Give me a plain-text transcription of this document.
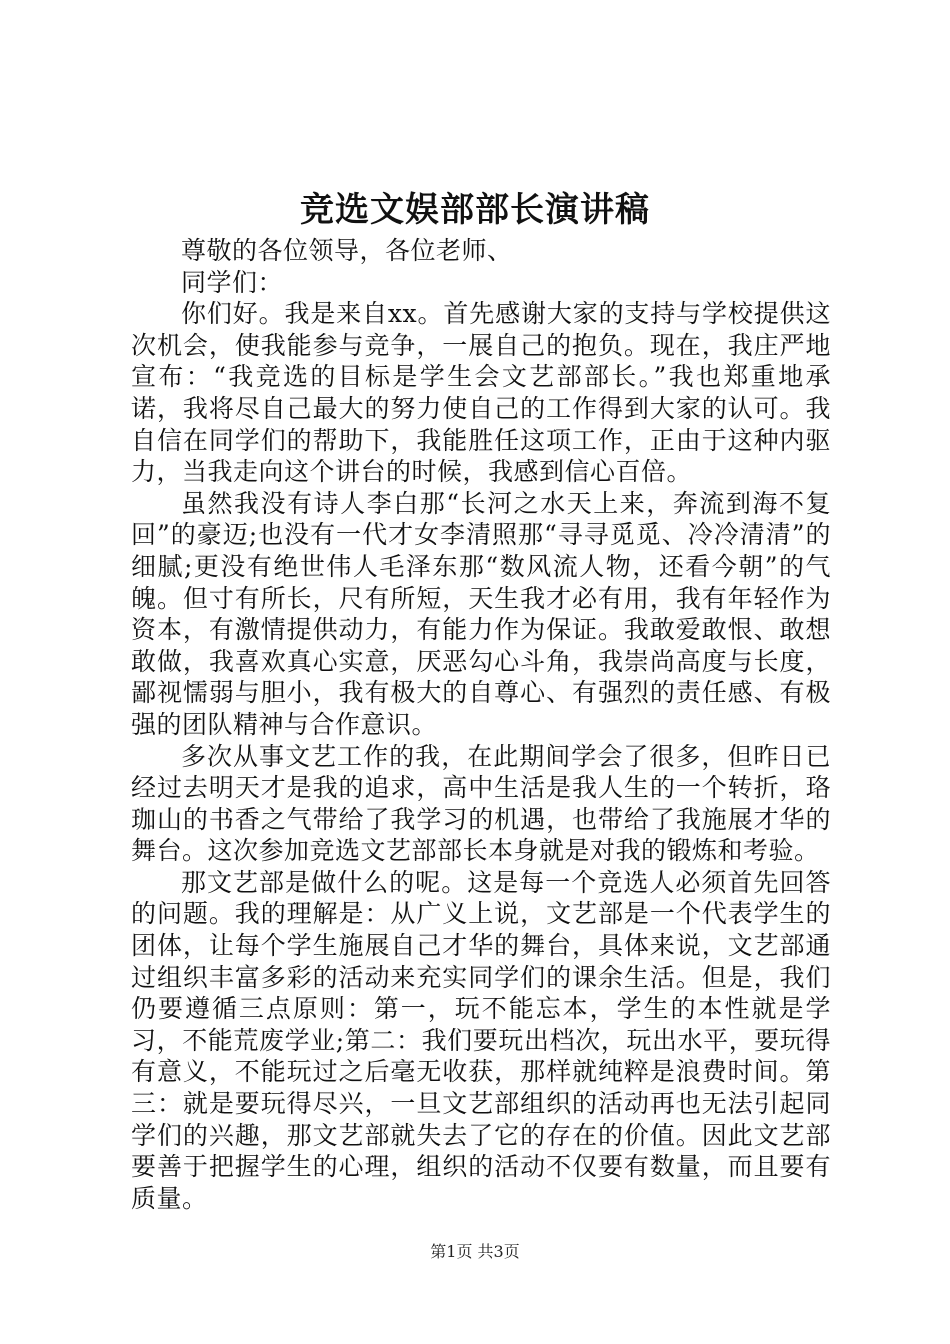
竞选文娱部部长演讲稿

尊敬的各位领导，各位老师、

同学们：

你们好。我是来自xx。首先感谢大家的支持与学校提供这次机会，使我能参与竞争，一展自己的抱负。现在，我庄严地宣布：“我竞选的目标是学生会文艺部部长。”我也郑重地承诺，我将尽自己最大的努力使自己的工作得到大家的认可。我自信在同学们的帮助下，我能胜任这项工作，正由于这种内驱力，当我走向这个讲台的时候，我感到信心百倍。

虽然我没有诗人李白那“长河之水天上来，奔流到海不复回”的豪迈;也没有一代才女李清照那“寻寻觅觅、冷冷清清”的细腻;更没有绝世伟人毛泽东那“数风流人物，还看今朝”的气魄。但寸有所长，尺有所短，天生我才必有用，我有年轻作为资本，有激情提供动力，有能力作为保证。我敢爱敢恨、敢想敢做，我喜欢真心实意，厌恶勾心斗角，我崇尚高度与长度，鄙视懦弱与胆小，我有极大的自尊心、有强烈的责任感、有极强的团队精神与合作意识。

多次从事文艺工作的我，在此期间学会了很多，但昨日已经过去明天才是我的追求，高中生活是我人生的一个转折，珞珈山的书香之气带给了我学习的机遇，也带给了我施展才华的舞台。这次参加竞选文艺部部长本身就是对我的锻炼和考验。

那文艺部是做什么的呢。这是每一个竞选人必须首先回答的问题。我的理解是：从广义上说，文艺部是一个代表学生的团体，让每个学生施展自己才华的舞台，具体来说，文艺部通过组织丰富多彩的活动来充实同学们的课余生活。但是，我们仍要遵循三点原则：第一，玩不能忘本，学生的本性就是学习，不能荒废学业;第二：我们要玩出档次，玩出水平，要玩得有意义，不能玩过之后毫无收获，那样就纯粹是浪费时间。第三：就是要玩得尽兴，一旦文艺部组织的活动再也无法引起同学们的兴趣，那文艺部就失去了它的存在的价值。因此文艺部要善于把握学生的心理，组织的活动不仅要有数量，而且要有质量。

第1页 共3页
